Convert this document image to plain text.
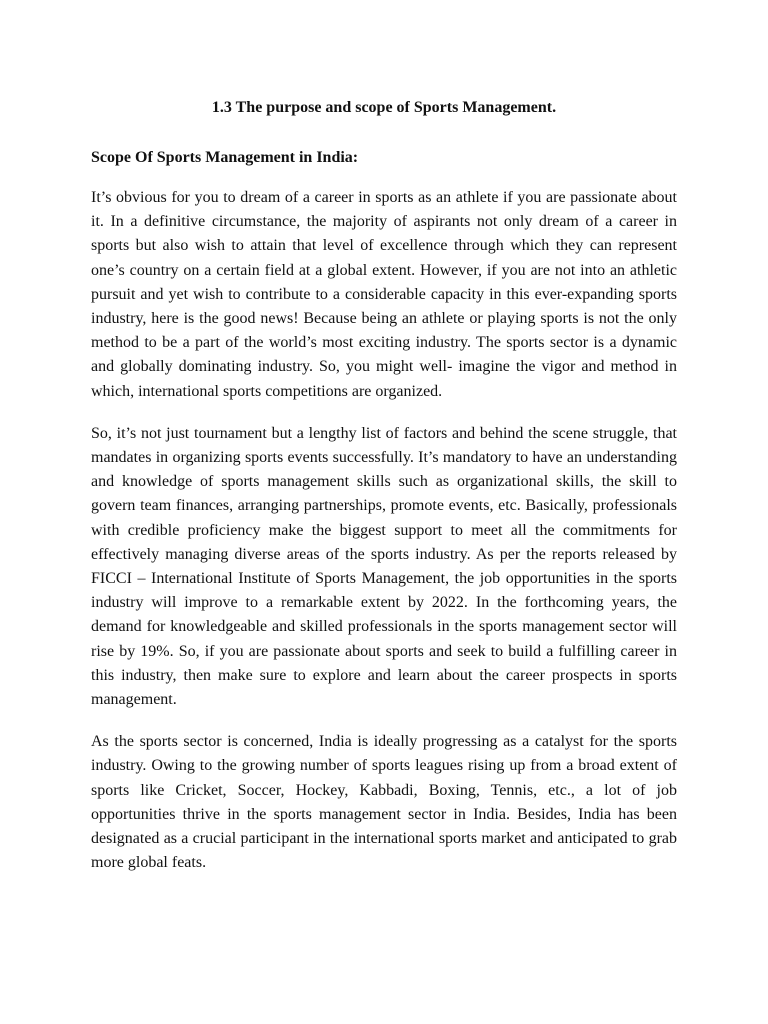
1.3 The purpose and scope of Sports Management.
Scope Of Sports Management in India:

It’s obvious for you to dream of a career in sports as an athlete if you are passionate about it. In a definitive circumstance, the majority of aspirants not only dream of a career in sports but also wish to attain that level of excellence through which they can represent one’s country on a certain field at a global extent. However, if you are not into an athletic pursuit and yet wish to contribute to a considerable capacity in this ever-expanding sports industry, here is the good news! Because being an athlete or playing sports is not the only method to be a part of the world’s most exciting industry. The sports sector is a dynamic and globally dominating industry. So, you might well- imagine the vigor and method in which, international sports competitions are organized.

So, it’s not just tournament but a lengthy list of factors and behind the scene struggle, that mandates in organizing sports events successfully. It’s mandatory to have an understanding and knowledge of sports management skills such as organizational skills, the skill to govern team finances, arranging partnerships, promote events, etc. Basically, professionals with credible proficiency make the biggest support to meet all the commitments for effectively managing diverse areas of the sports industry. As per the reports released by FICCI – International Institute of Sports Management, the job opportunities in the sports industry will improve to a remarkable extent by 2022. In the forthcoming years, the demand for knowledgeable and skilled professionals in the sports management sector will rise by 19%. So, if you are passionate about sports and seek to build a fulfilling career in this industry, then make sure to explore and learn about the career prospects in sports management.

As the sports sector is concerned, India is ideally progressing as a catalyst for the sports industry. Owing to the growing number of sports leagues rising up from a broad extent of sports like Cricket, Soccer, Hockey, Kabbadi, Boxing, Tennis, etc., a lot of job opportunities thrive in the sports management sector in India. Besides, India has been designated as a crucial participant in the international sports market and anticipated to grab more global feats.
